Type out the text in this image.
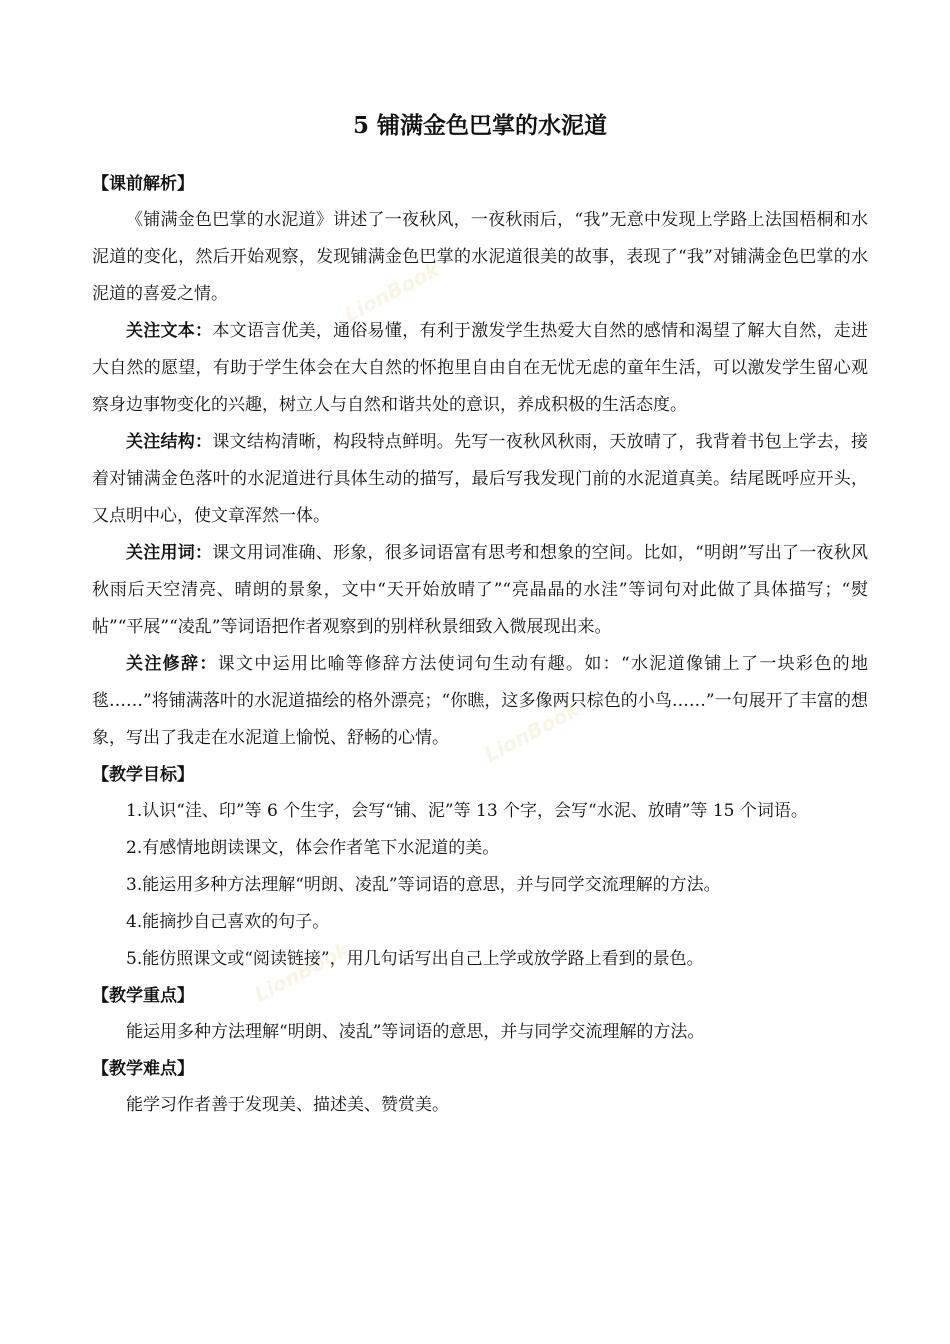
5 铺满金色巴掌的水泥道
【课前解析】

《铺满金色巴掌的水泥道》讲述了一夜秋风，一夜秋雨后，“我”无意中发现上学路上法国梧桐和水泥道的变化，然后开始观察，发现铺满金色巴掌的水泥道很美的故事，表现了“我”对铺满金色巴掌的水泥道的喜爱之情。

关注文本：本文语言优美，通俗易懂，有利于激发学生热爱大自然的感情和渴望了解大自然，走进大自然的愿望，有助于学生体会在大自然的怀抱里自由自在无忧无虑的童年生活，可以激发学生留心观察身边事物变化的兴趣，树立人与自然和谐共处的意识，养成积极的生活态度。

关注结构：课文结构清晰，构段特点鲜明。先写一夜秋风秋雨，天放晴了，我背着书包上学去，接着对铺满金色落叶的水泥道进行具体生动的描写，最后写我发现门前的水泥道真美。结尾既呼应开头，又点明中心，使文章浑然一体。

关注用词：课文用词准确、形象，很多词语富有思考和想象的空间。比如，“明朗”写出了一夜秋风秋雨后天空清亮、晴朗的景象，文中“天开始放晴了”“亮晶晶的水洼”等词句对此做了具体描写；“熨帖”“平展”“凌乱”等词语把作者观察到的别样秋景细致入微展现出来。

关注修辞：课文中运用比喻等修辞方法使词句生动有趣。如：“水泥道像铺上了一块彩色的地毯……”将铺满落叶的水泥道描绘的格外漂亮；“你瞧，这多像两只棕色的小鸟……”一句展开了丰富的想象，写出了我走在水泥道上愉悦、舒畅的心情。

【教学目标】

1.认识“洼、印”等 6 个生字，会写“铺、泥”等 13 个字，会写“水泥、放晴”等 15 个词语。

2.有感情地朗读课文，体会作者笔下水泥道的美。

3.能运用多种方法理解“明朗、凌乱”等词语的意思，并与同学交流理解的方法。

4.能摘抄自己喜欢的句子。

5.能仿照课文或“阅读链接”，用几句话写出自己上学或放学路上看到的景色。

【教学重点】

能运用多种方法理解“明朗、凌乱”等词语的意思，并与同学交流理解的方法。

【教学难点】

能学习作者善于发现美、描述美、赞赏美。

LionBook
LionBook
LionBook
